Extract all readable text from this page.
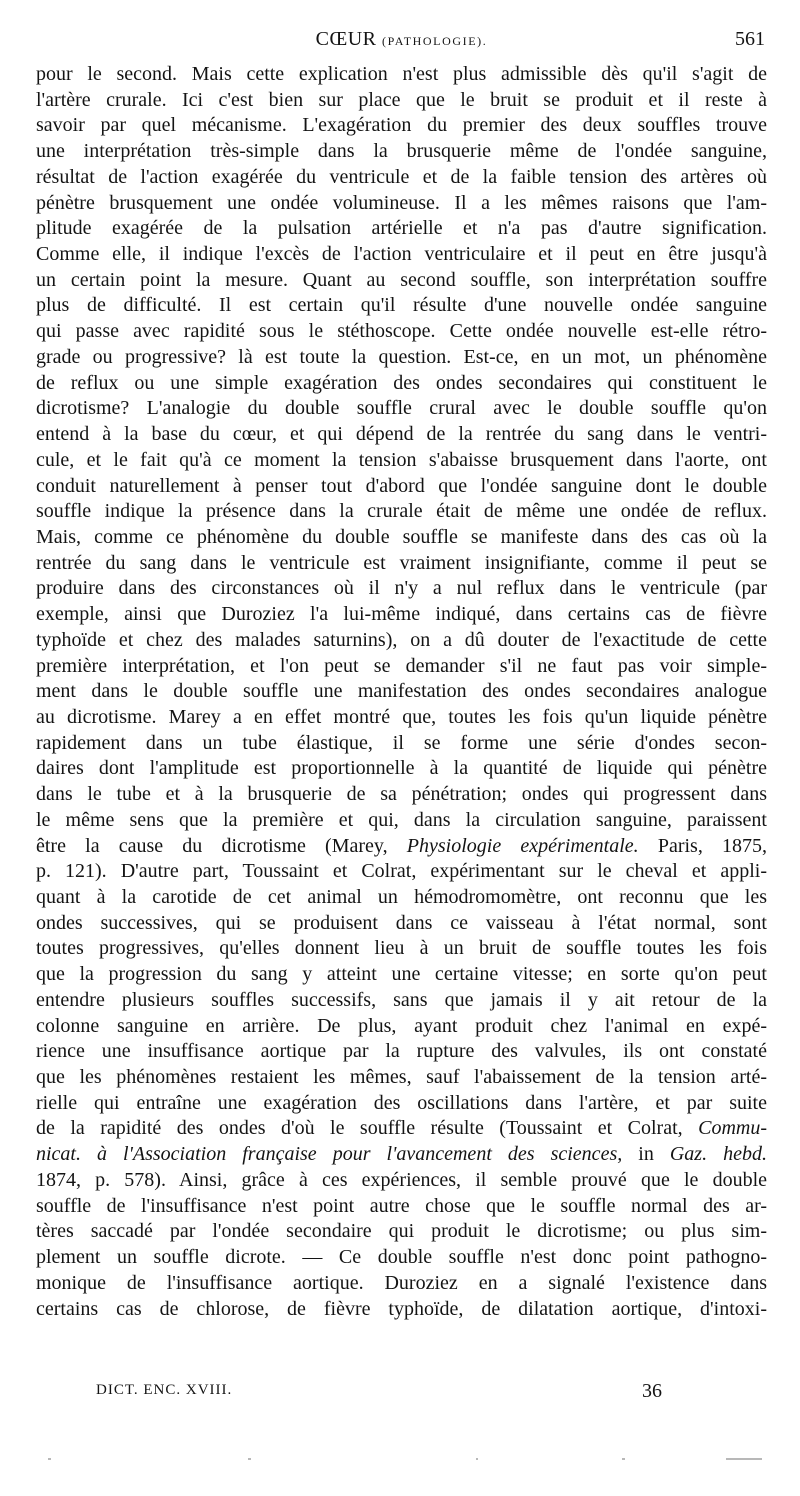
CŒUR (PATHOLOGIE).	561
pour le second. Mais cette explication n'est plus admissible dès qu'il s'agit de
l'artère crurale. Ici c'est bien sur place que le bruit se produit et il reste à
savoir par quel mécanisme. L'exagération du premier des deux souffles trouve
une interprétation très-simple dans la brusquerie même de l'ondée sanguine,
résultat de l'action exagérée du ventricule et de la faible tension des artères où
pénètre brusquement une ondée volumineuse. Il a les mêmes raisons que l'am-
plitude exagérée de la pulsation artérielle et n'a pas d'autre signification.
Comme elle, il indique l'excès de l'action ventriculaire et il peut en être jusqu'à
un certain point la mesure. Quant au second souffle, son interprétation souffre
plus de difficulté. Il est certain qu'il résulte d'une nouvelle ondée sanguine
qui passe avec rapidité sous le stéthoscope. Cette ondée nouvelle est-elle rétro-
grade ou progressive? là est toute la question. Est-ce, en un mot, un phénomène
de reflux ou une simple exagération des ondes secondaires qui constituent le
dicrotisme? L'analogie du double souffle crural avec le double souffle qu'on
entend à la base du cœur, et qui dépend de la rentrée du sang dans le ventri-
cule, et le fait qu'à ce moment la tension s'abaisse brusquement dans l'aorte, ont
conduit naturellement à penser tout d'abord que l'ondée sanguine dont le double
souffle indique la présence dans la crurale était de même une ondée de reflux.
Mais, comme ce phénomène du double souffle se manifeste dans des cas où la
rentrée du sang dans le ventricule est vraiment insignifiante, comme il peut se
produire dans des circonstances où il n'y a nul reflux dans le ventricule (par
exemple, ainsi que Duroziez l'a lui-même indiqué, dans certains cas de fièvre
typhoïde et chez des malades saturnins), on a dû douter de l'exactitude de cette
première interprétation, et l'on peut se demander s'il ne faut pas voir simple-
ment dans le double souffle une manifestation des ondes secondaires analogue
au dicrotisme. Marey a en effet montré que, toutes les fois qu'un liquide pénètre
rapidement dans un tube élastique, il se forme une série d'ondes secon-
daires dont l'amplitude est proportionnelle à la quantité de liquide qui pénètre
dans le tube et à la brusquerie de sa pénétration; ondes qui progressent dans
le même sens que la première et qui, dans la circulation sanguine, paraissent
être la cause du dicrotisme (Marey, Physiologie expérimentale. Paris, 1875,
p. 121). D'autre part, Toussaint et Colrat, expérimentant sur le cheval et appli-
quant à la carotide de cet animal un hémodromomètre, ont reconnu que les
ondes successives, qui se produisent dans ce vaisseau à l'état normal, sont
toutes progressives, qu'elles donnent lieu à un bruit de souffle toutes les fois
que la progression du sang y atteint une certaine vitesse; en sorte qu'on peut
entendre plusieurs souffles successifs, sans que jamais il y ait retour de la
colonne sanguine en arrière. De plus, ayant produit chez l'animal en expé-
rience une insuffisance aortique par la rupture des valvules, ils ont constaté
que les phénomènes restaient les mêmes, sauf l'abaissement de la tension arté-
rielle qui entraîne une exagération des oscillations dans l'artère, et par suite
de la rapidité des ondes d'où le souffle résulte (Toussaint et Colrat, Commu-
nicat. à l'Association française pour l'avancement des sciences, in Gaz. hebd.
1874, p. 578). Ainsi, grâce à ces expériences, il semble prouvé que le double
souffle de l'insuffisance n'est point autre chose que le souffle normal des ar-
tères saccadé par l'ondée secondaire qui produit le dicrotisme; ou plus sim-
plement un souffle dicrote. — Ce double souffle n'est donc point pathogno-
monique de l'insuffisance aortique. Duroziez en a signalé l'existence dans
certains cas de chlorose, de fièvre typhoïde, de dilatation aortique, d'intoxi-
DICT. ENC. XVIII.	36
